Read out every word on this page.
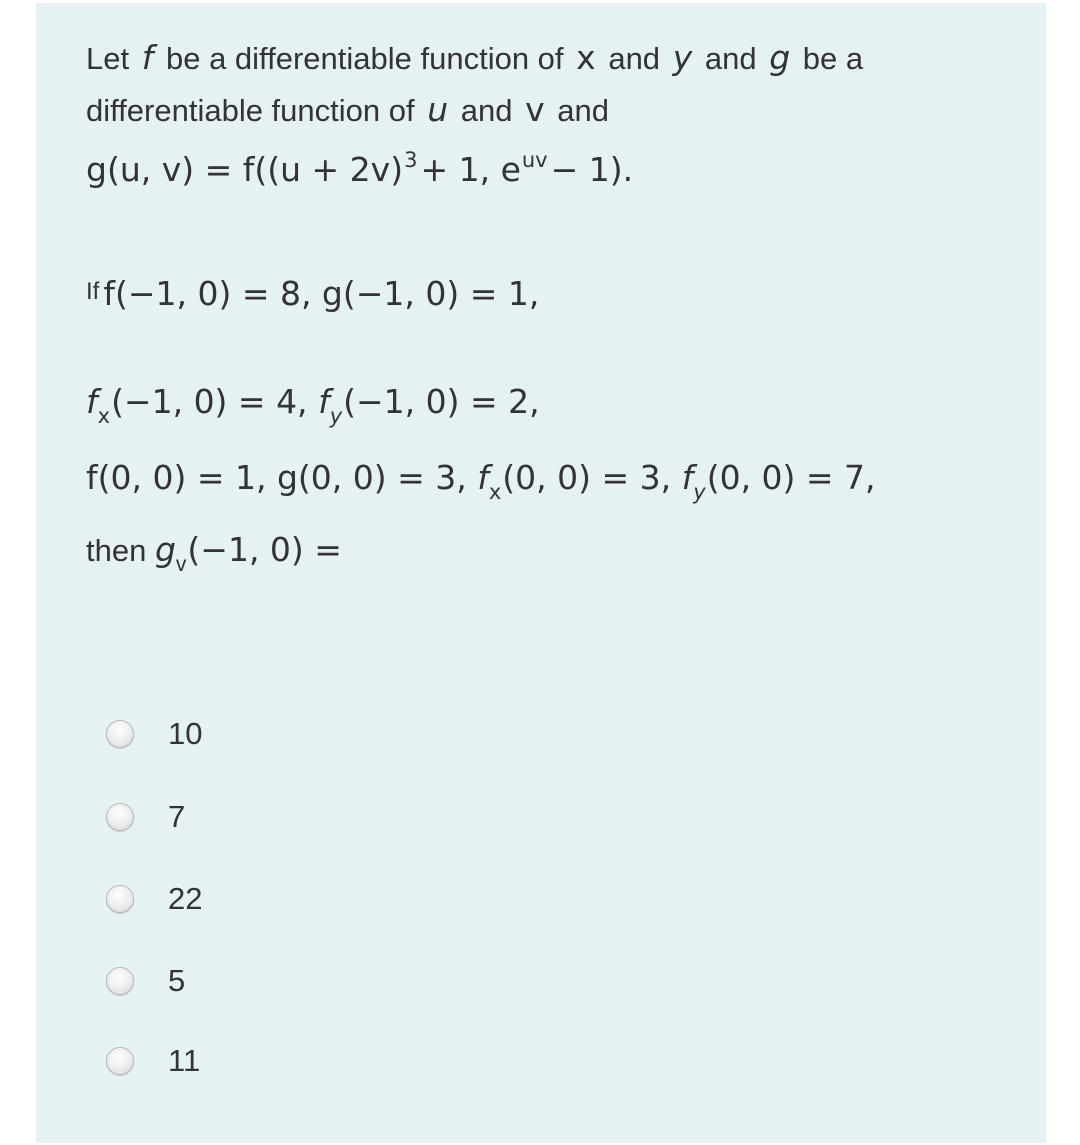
Let f be a differentiable function of x and y and g be a
differentiable function of u and v and
g(u, $v) = f((u + 2v)^3+ 1$, $e^{uv}- 1$).
If f(−1, 0) = 8, g(−1, 0) = 1,
$f_x(-1$, 0) = 4, $f_y(-1$, 0) = 2,
f(0, 0) = 1, g(0, 0) = 3, $f_x(0$, 0) = 3, $f_y(0$, 0) = 7,
then $g_v(-1$, 0) =
10
7
22
5
11
